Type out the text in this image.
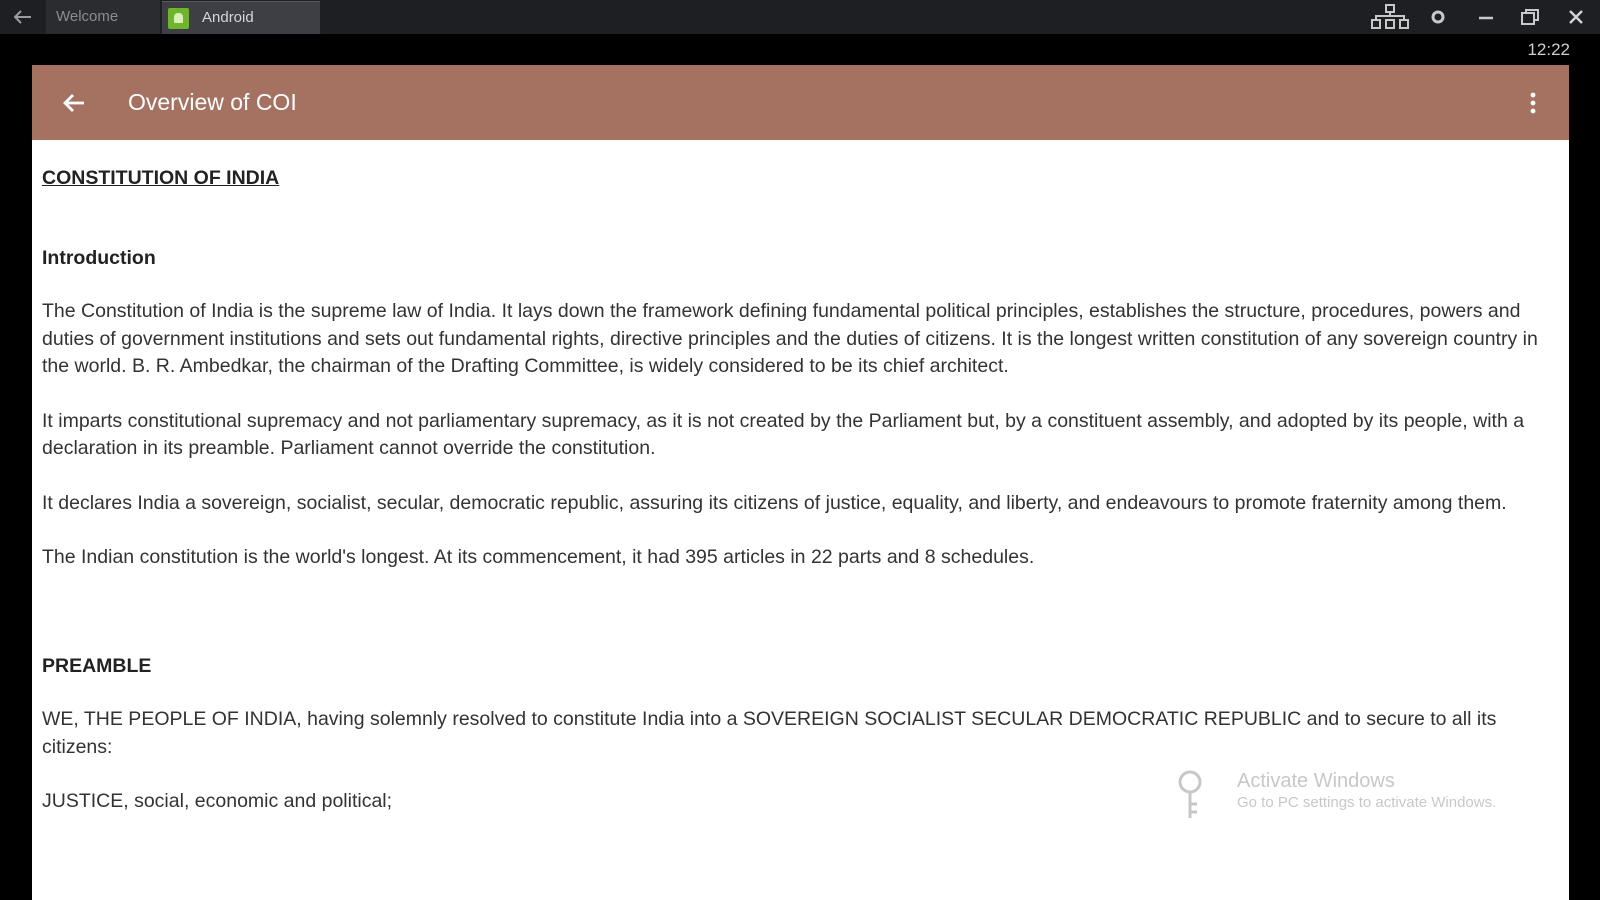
Welcome	Android
12:22
Overview of COI
CONSTITUTION OF INDIA
Introduction

The Constitution of India is the supreme law of India. It lays down the framework defining fundamental political principles, establishes the structure, procedures, powers and duties of government institutions and sets out fundamental rights, directive principles and the duties of citizens. It is the longest written constitution of any sovereign country in the world. B. R. Ambedkar, the chairman of the Drafting Committee, is widely considered to be its chief architect.

It imparts constitutional supremacy and not parliamentary supremacy, as it is not created by the Parliament but, by a constituent assembly, and adopted by its people, with a declaration in its preamble. Parliament cannot override the constitution.

It declares India a sovereign, socialist, secular, democratic republic, assuring its citizens of justice, equality, and liberty, and endeavours to promote fraternity among them.

The Indian constitution is the world's longest. At its commencement, it had 395 articles in 22 parts and 8 schedules.

PREAMBLE

WE, THE PEOPLE OF INDIA, having solemnly resolved to constitute India into a SOVEREIGN SOCIALIST SECULAR DEMOCRATIC REPUBLIC and to secure to all its citizens:

JUSTICE, social, economic and political;

Activate Windows
Go to PC settings to activate Windows.
